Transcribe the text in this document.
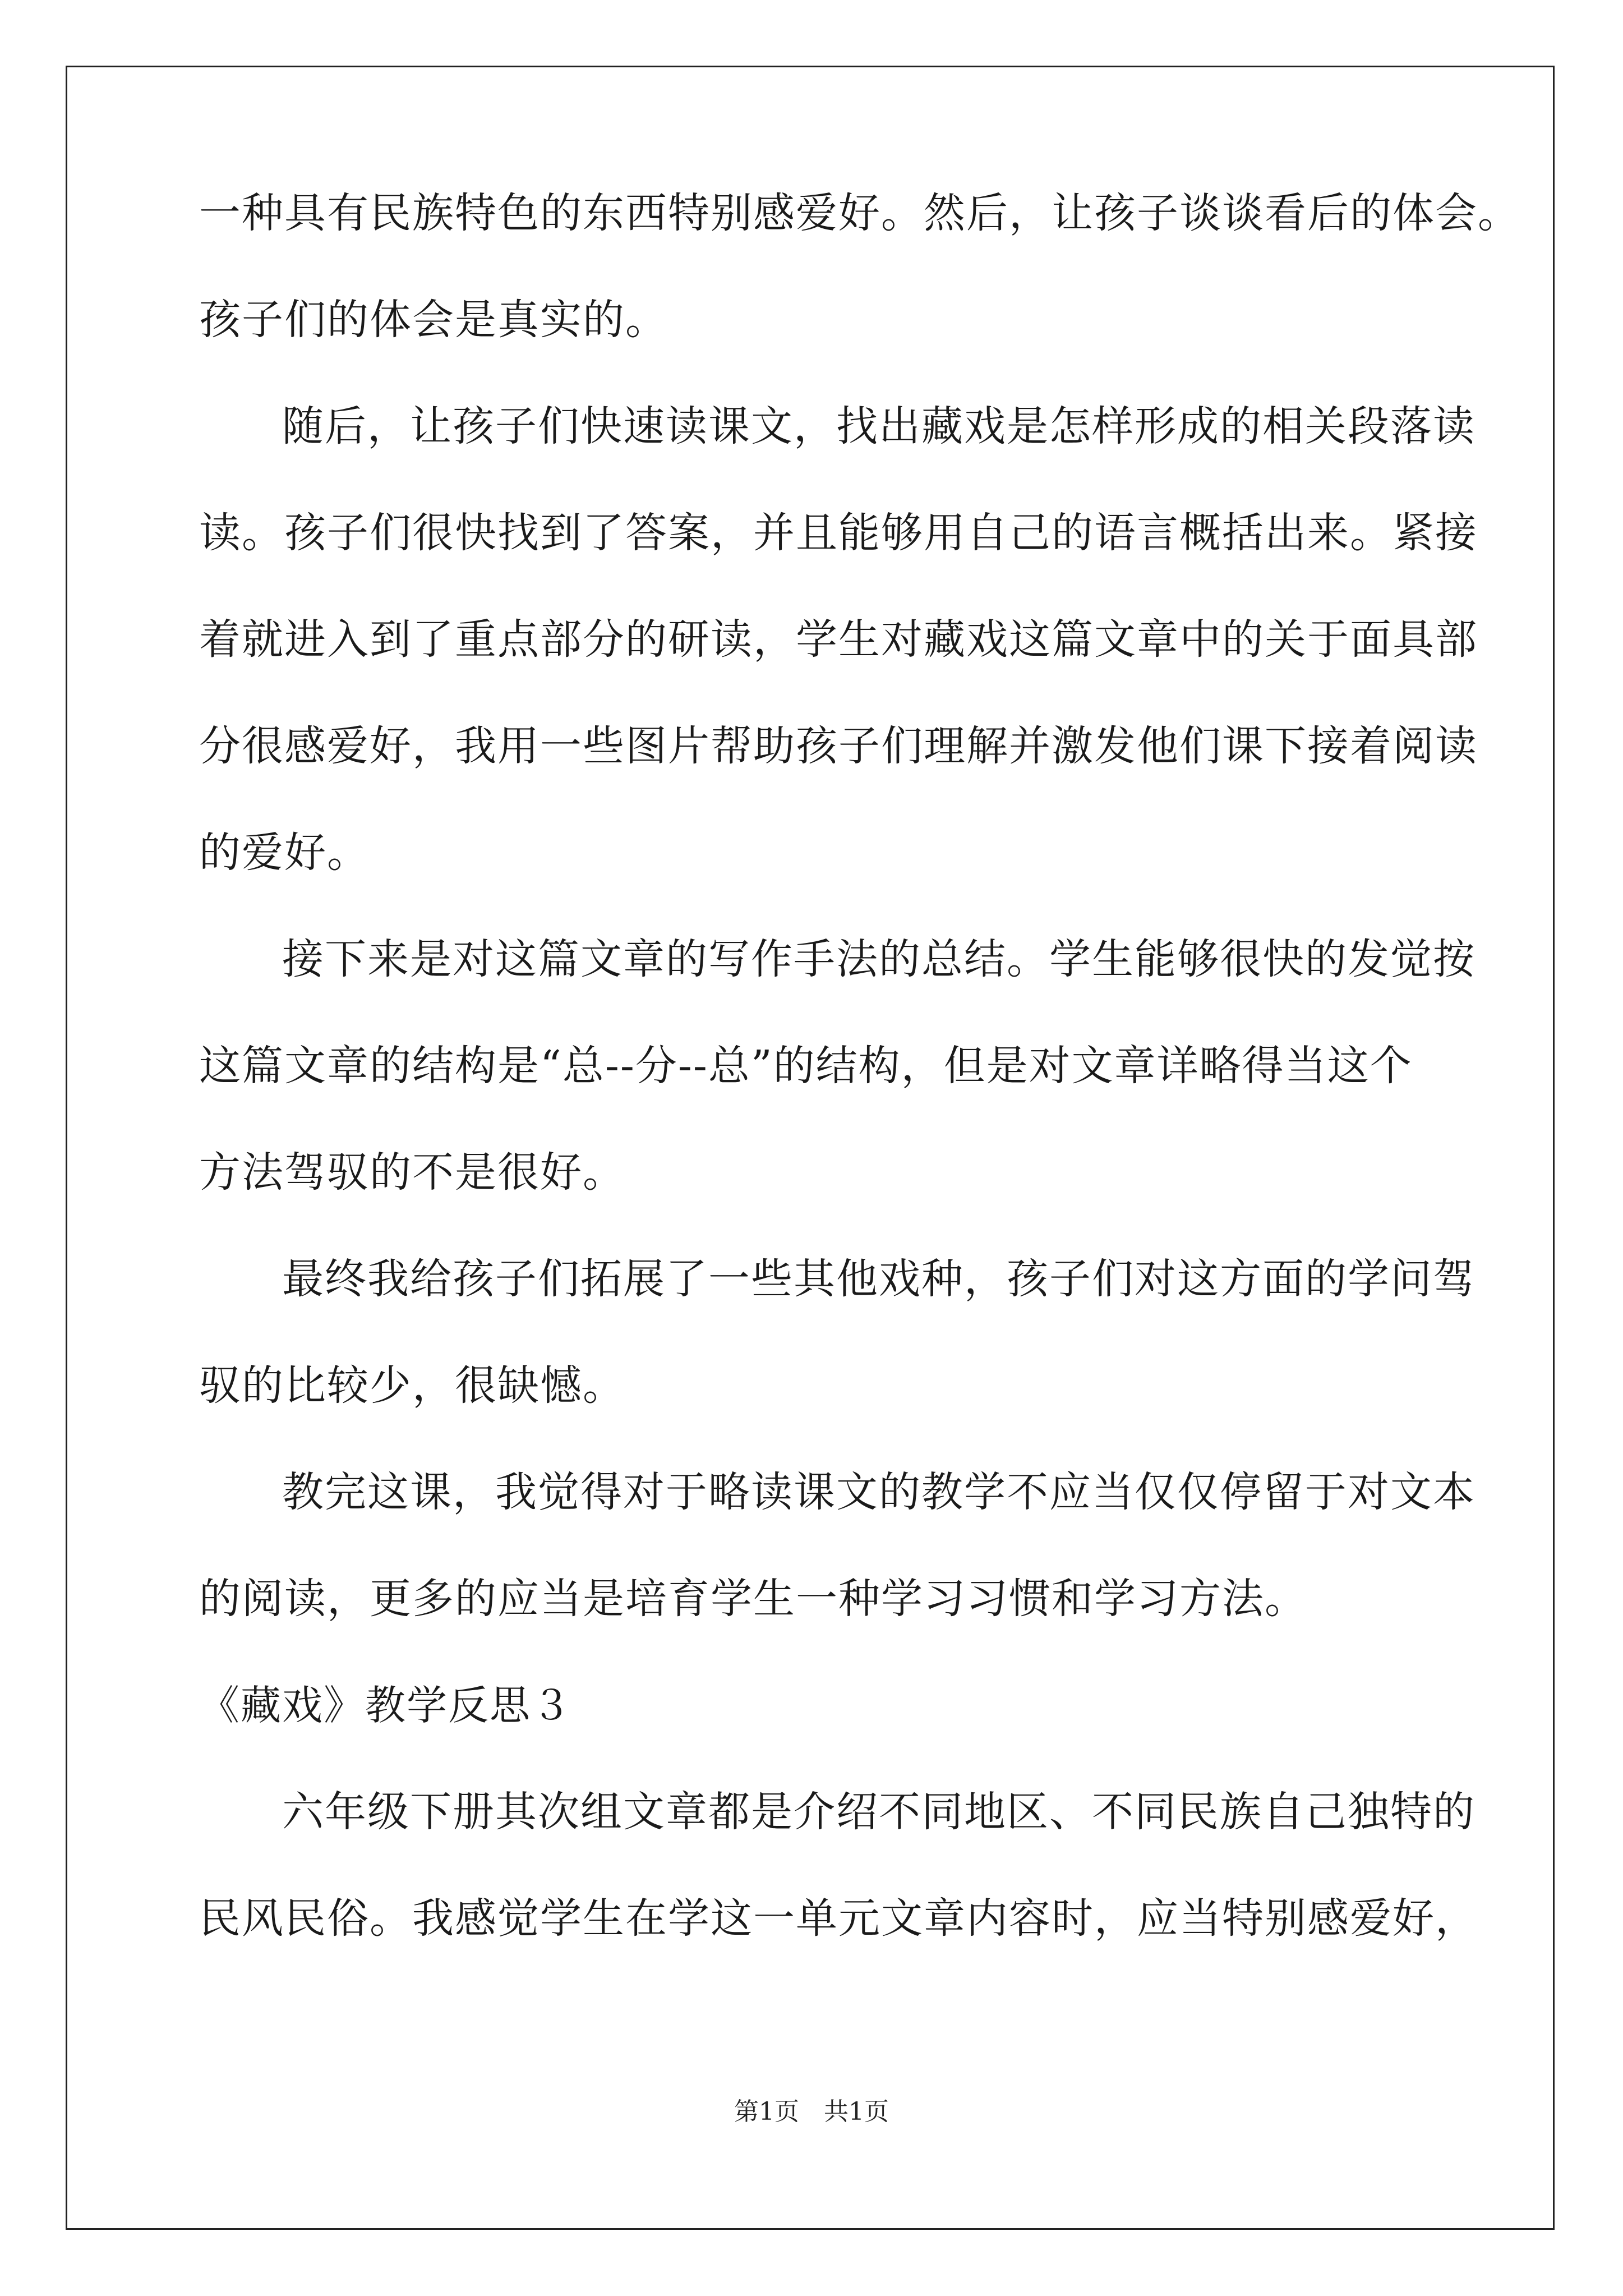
一种具有民族特色的东西特别感爱好。然后，让孩子谈谈看后的体会。
孩子们的体会是真实的。
随后，让孩子们快速读课文，找出藏戏是怎样形成的相关段落读
读。孩子们很快找到了答案，并且能够用自己的语言概括出来。紧接
着就进入到了重点部分的研读，学生对藏戏这篇文章中的关于面具部
分很感爱好，我用一些图片帮助孩子们理解并激发他们课下接着阅读
的爱好。
接下来是对这篇文章的写作手法的总结。学生能够很快的发觉按
这篇文章的结构是“总--分--总”的结构，但是对文章详略得当这个
方法驾驭的不是很好。
最终我给孩子们拓展了一些其他戏种，孩子们对这方面的学问驾
驭的比较少，很缺憾。
教完这课，我觉得对于略读课文的教学不应当仅仅停留于对文本
的阅读，更多的应当是培育学生一种学习习惯和学习方法。
《藏戏》教学反思３
六年级下册其次组文章都是介绍不同地区、不同民族自己独特的
民风民俗。我感觉学生在学这一单元文章内容时，应当特别感爱好，
第1页　共1页
